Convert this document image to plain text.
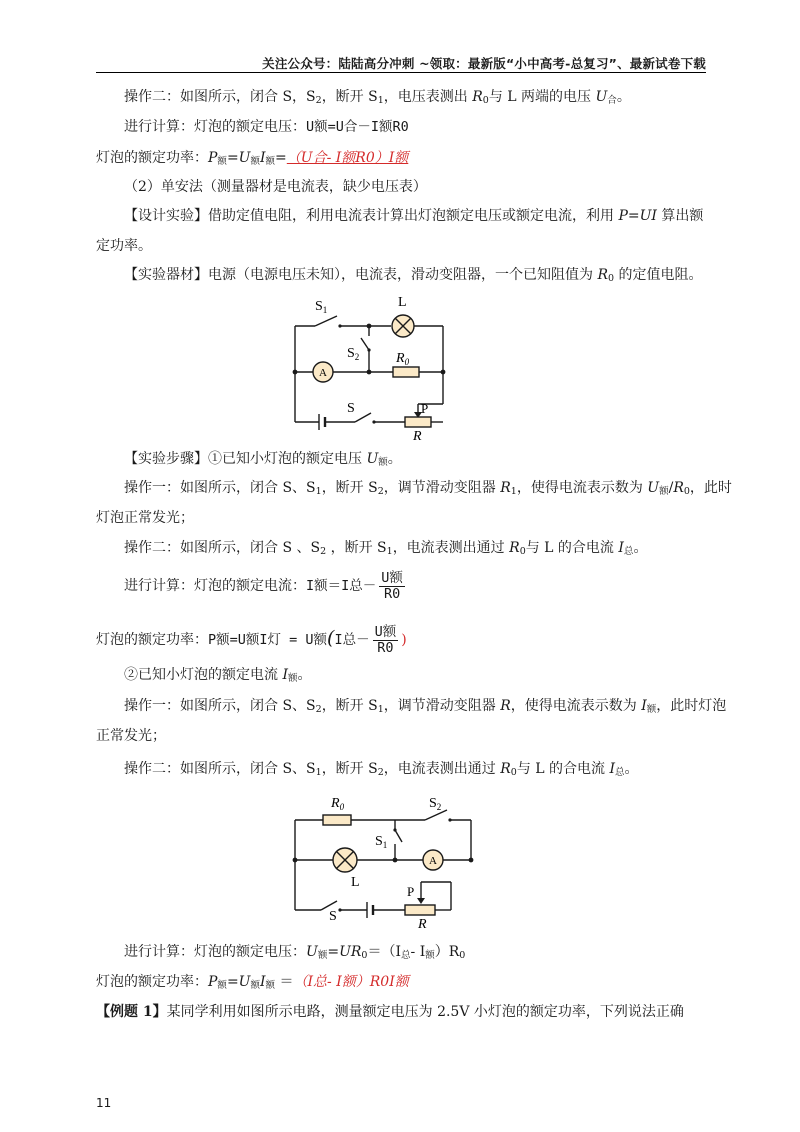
关注公众号：陆陆高分冲刺 ~领取：最新版“小中高考-总复习”、最新试卷下载
操作二：如图所示，闭合 S，$S_2$，断开 $S_1$，电压表测出 $R_0$与 L 两端的电压 $U_合$。
进行计算：灯泡的额定电压：U额=U合－I额R0
灯泡的额定功率：$P_额=U_额I_额=(U$合- I额R0）I额
（2）单安法（测量器材是电流表，缺少电压表）
【设计实验】借助定值电阻，利用电流表计算出灯泡额定电压或额定电流，利用 P=UI 算出额
定功率。
【实验器材】电源（电源电压未知），电流表，滑动变阻器，一个已知阻值为 $R_0$ 的定值电阻。
$S_1$	L
$S_2$	$R_0$
A
S	P
R
【实验步骤】①已知小灯泡的额定电压 $U_额$。
操作一：如图所示，闭合 S、$S_1$，断开 $S_2$，调节滑动变阻器 $R_1$，使得电流表示数为 $U_额/R_0$，此时
灯泡正常发光；
操作二：如图所示，闭合 S 、$S_2$ ，断开 $S_1$，电流表测出通过 $R_0$与 L 的合电流 $I_总$。
进行计算：灯泡的额定电流：I额＝I总－ $\frac{\text{U额}}{R0}$
灯泡的额定功率：P额=U额I灯 = U额(I总－ $\frac{\text{U额}}{R0}$ )
②已知小灯泡的额定电流 $I_额$。
操作一：如图所示，闭合 S、$S_2$，断开 $S_1$，调节滑动变阻器 R，使得电流表示数为 $I_额$，此时灯泡
正常发光；
操作二：如图所示，闭合 S、$S_1$，断开 $S_2$，电流表测出通过 $R_0$与 L 的合电流 $I_总$。
$R_0$	$S_2$
$S_1$
A
L
P
S
R
进行计算：灯泡的额定电压：$U_额=UR_0=(I_总-$ $I_额)R_0$
灯泡的额定功率：$P_额=U_额I_额 =(I$总- I额）R0I额
【例题 1】某同学利用如图所示电路，测量额定电压为 2.5V 小灯泡的额定功率，下列说法正确
11
